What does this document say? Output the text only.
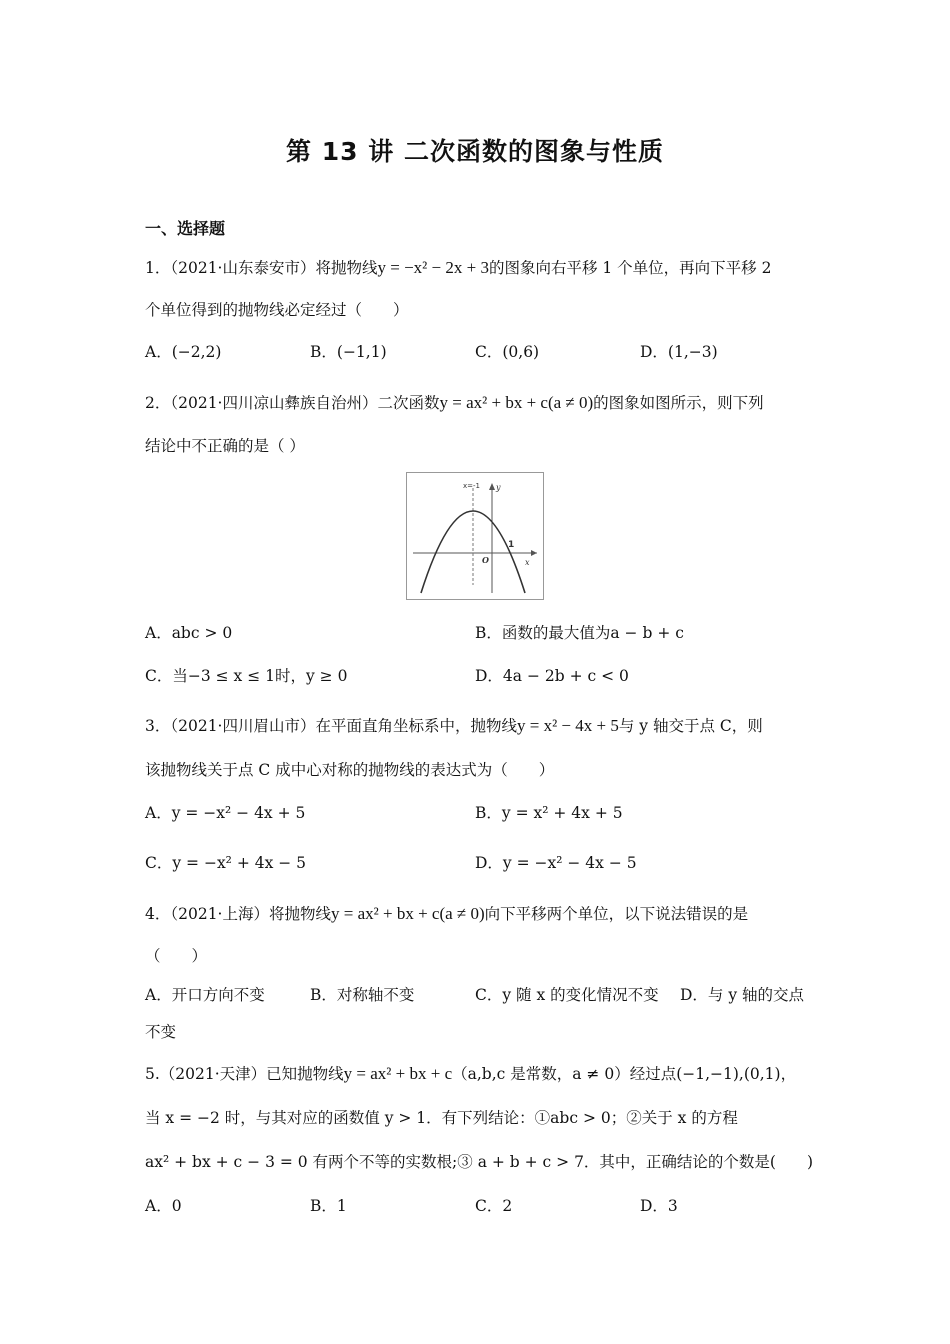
第 13 讲 二次函数的图象与性质
一、选择题
1．（2021·山东泰安市）将抛物线y = −x² − 2x + 3的图象向右平移 1 个单位，再向下平移 2
个单位得到的抛物线必定经过（　　）
A．(−2,2)	B．(−1,1)	C．(0,6)	D．(1,−3)
2．（2021·四川凉山彝族自治州）二次函数y = ax² + bx + c(a ≠ 0)的图象如图所示，则下列
结论中不正确的是（ ）
x=-1 y
x
O
1
A．abc > 0	B．函数的最大值为a − b + c
C．当−3 ≤ x ≤ 1时，y ≥ 0	D．4a − 2b + c < 0
3．（2021·四川眉山市）在平面直角坐标系中，抛物线y = x² − 4x + 5与 y 轴交于点 C，则
该抛物线关于点 C 成中心对称的抛物线的表达式为（　　）
A．y = −x² − 4x + 5	B．y = x² + 4x + 5
C．y = −x² + 4x − 5	D．y = −x² − 4x − 5
4．（2021·上海）将抛物线y = ax² + bx + c(a ≠ 0)向下平移两个单位，以下说法错误的是
（　　）
A．开口方向不变	B．对称轴不变	C．y 随 x 的变化情况不变 D．与 y 轴的交点
不变
5.（2021·天津）已知抛物线y = ax² + bx + c（a,b,c 是常数，a ≠ 0）经过点(−1,−1),(0,1)，
当 x = −2 时，与其对应的函数值 y > 1．有下列结论：①abc > 0；②关于 x 的方程
ax² + bx + c − 3 = 0 有两个不等的实数根;③ a + b + c > 7．其中，正确结论的个数是(　　)
A．0	B．1	C．2	D．3
